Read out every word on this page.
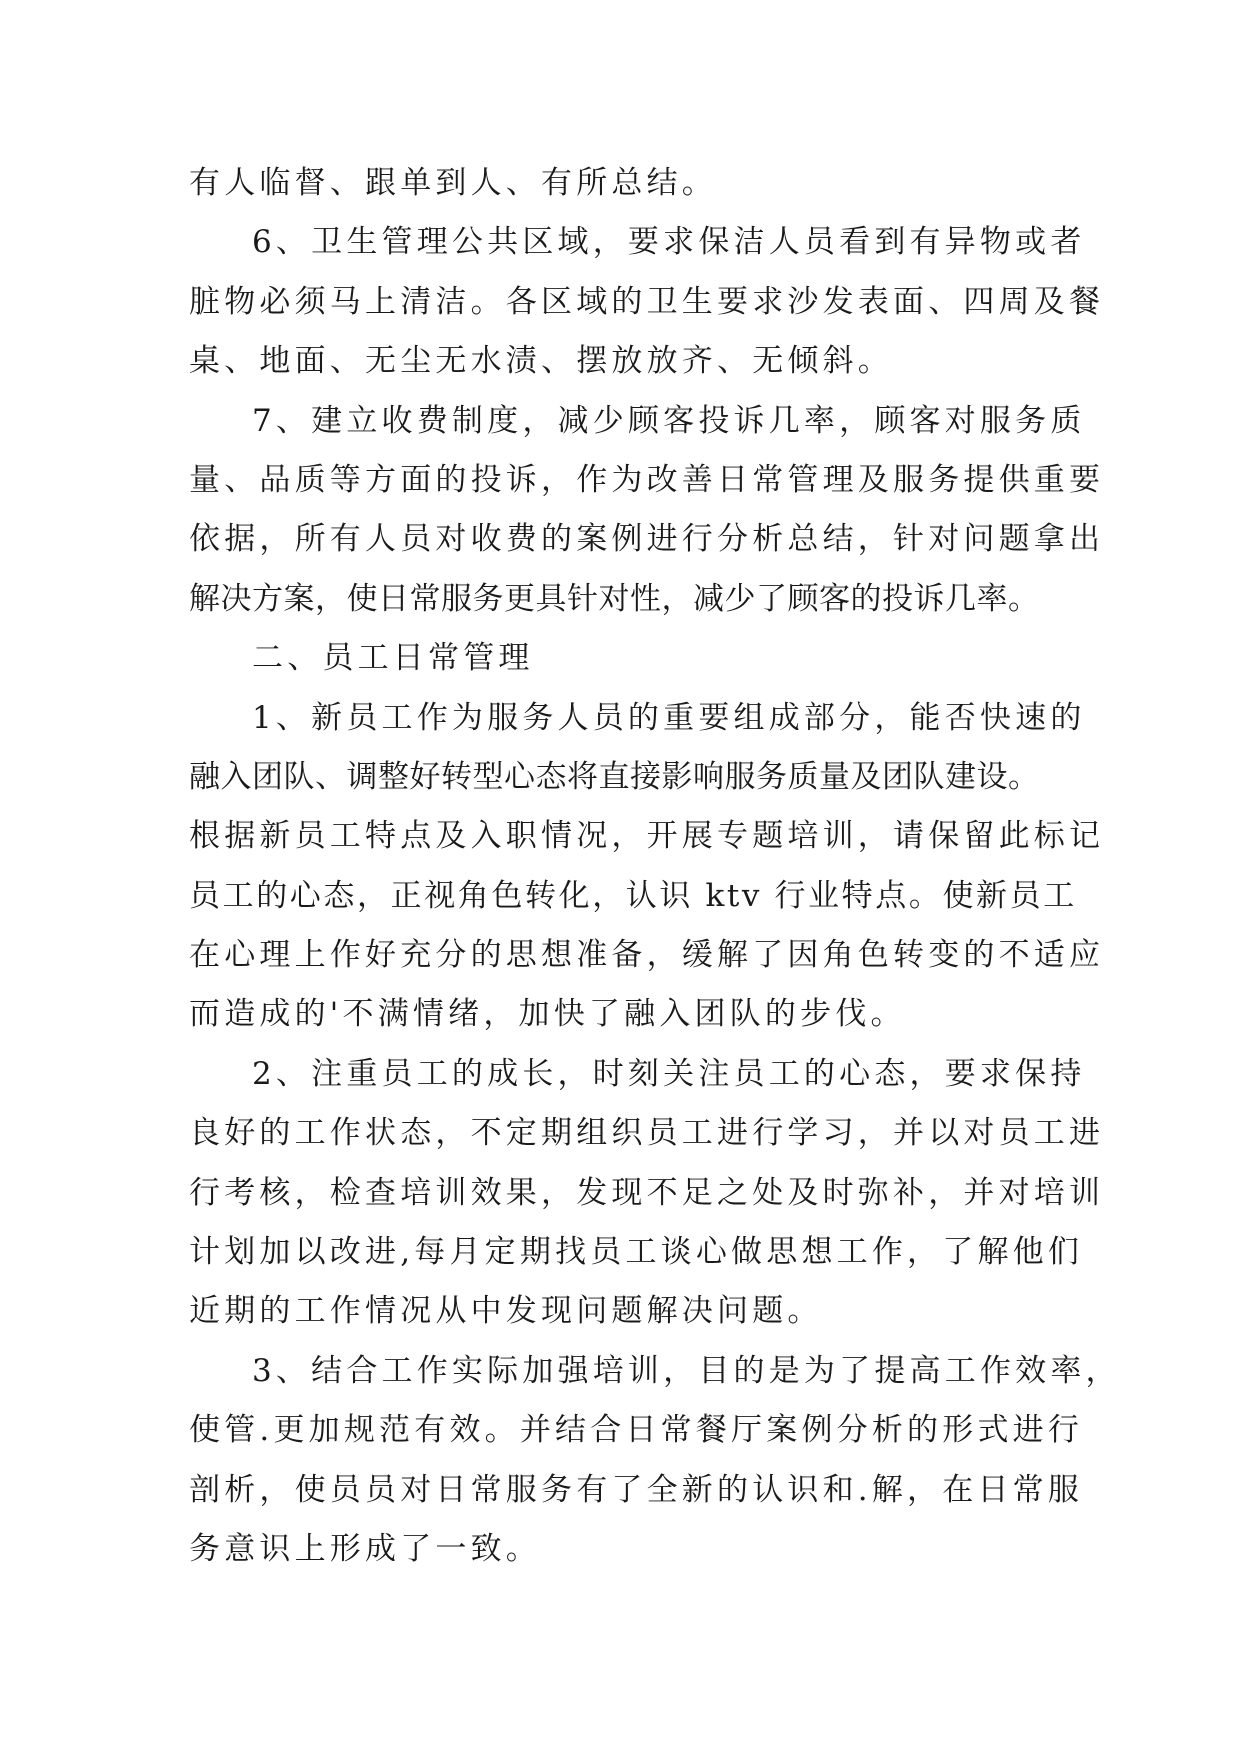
有人临督、跟单到人、有所总结。
6、卫生管理公共区域，要求保洁人员看到有异物或者
脏物必须马上清洁。各区域的卫生要求沙发表面、四周及餐
桌、地面、无尘无水渍、摆放放齐、无倾斜。
7、建立收费制度，减少顾客投诉几率，顾客对服务质
量、品质等方面的投诉，作为改善日常管理及服务提供重要
依据，所有人员对收费的案例进行分析总结，针对问题拿出
解决方案，使日常服务更具针对性，减少了顾客的投诉几率。
二、员工日常管理
1、新员工作为服务人员的重要组成部分，能否快速的
融入团队、调整好转型心态将直接影响服务质量及团队建设。
根据新员工特点及入职情况，开展专题培训，请保留此标记
员工的心态，正视角色转化，认识 ktv 行业特点。使新员工
在心理上作好充分的思想准备，缓解了因角色转变的不适应
而造成的'不满情绪，加快了融入团队的步伐。
2、注重员工的成长，时刻关注员工的心态，要求保持
良好的工作状态，不定期组织员工进行学习，并以对员工进
行考核，检查培训效果，发现不足之处及时弥补，并对培训
计划加以改进,每月定期找员工谈心做思想工作，了解他们
近期的工作情况从中发现问题解决问题。
3、结合工作实际加强培训，目的是为了提高工作效率，
使管.更加规范有效。并结合日常餐厅案例分析的形式进行
剖析，使员员对日常服务有了全新的认识和.解，在日常服
务意识上形成了一致。
